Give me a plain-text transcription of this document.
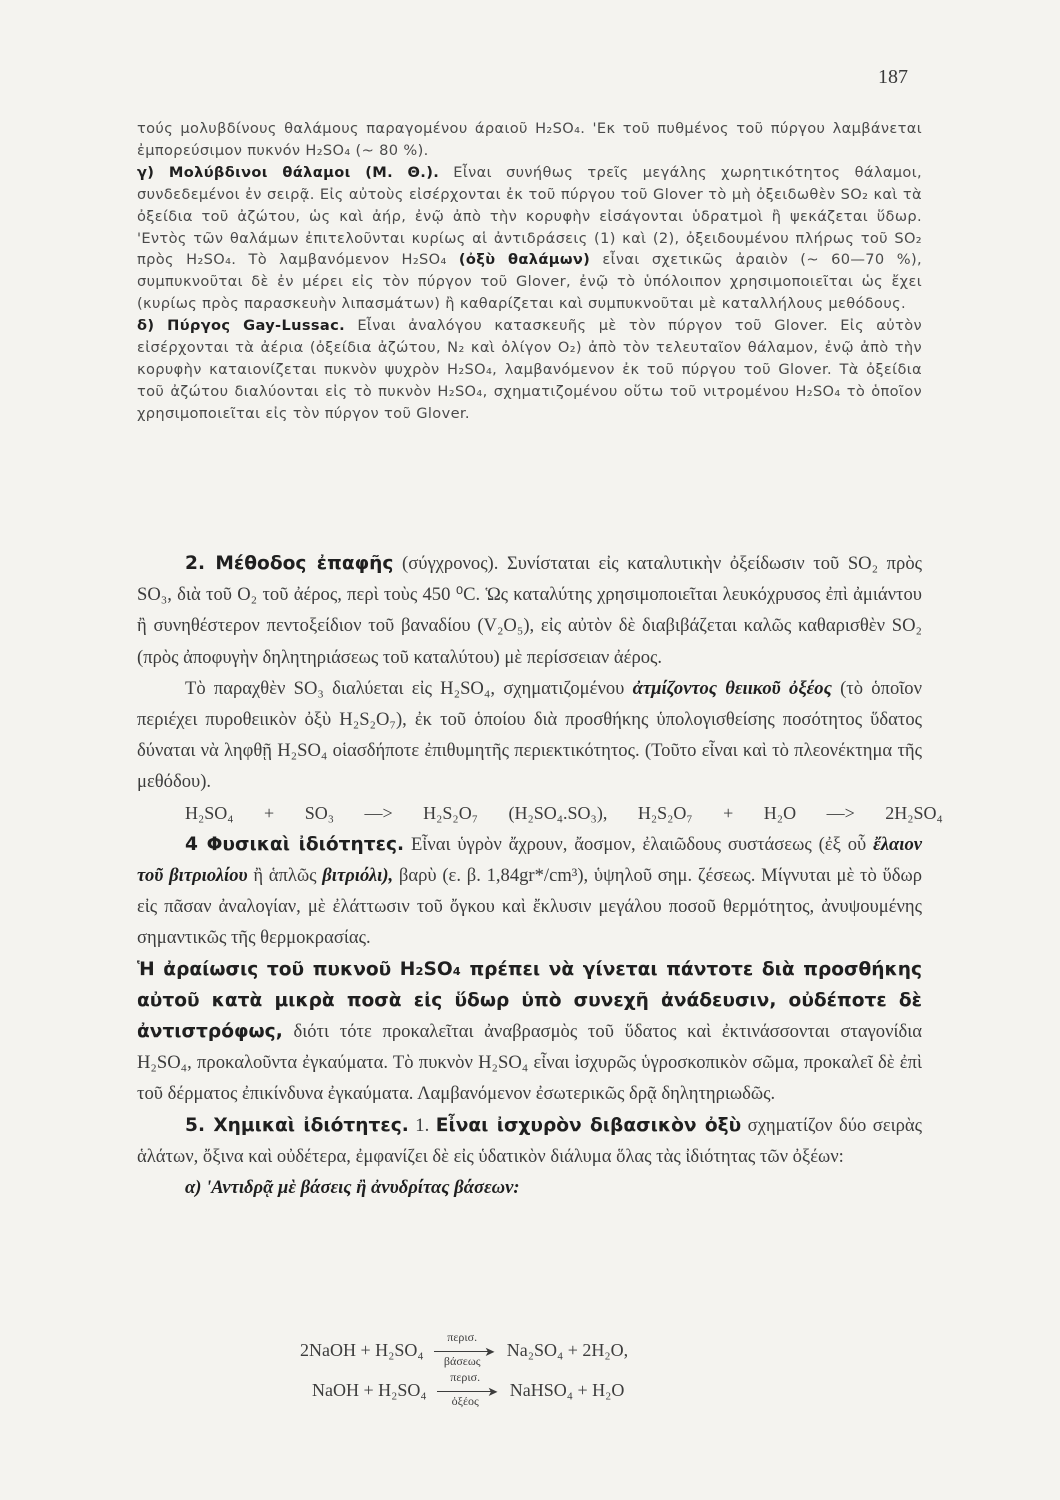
187

τούς μολυβδίνους θαλάμους παραγομένου άραιοῦ H₂SO₄. 'Εκ τοῦ πυθμένος τοῦ πύργου λαμβάνεται ἐμπορεύσιμον πυκνόν H₂SO₄ (~ 80 %).

γ) Μολύβδινοι θάλαμοι (Μ. Θ.). Εἶναι συνήθως τρεῖς μεγάλης χωρητικότητος θάλαμοι, συνδεδεμένοι ἐν σειρᾷ. Εἰς αὐτοὺς εἰσέρχονται ἐκ τοῦ πύργου τοῦ Glover τὸ μὴ ὀξειδωθὲν SO₂ καὶ τὰ ὀξείδια τοῦ ἀζώτου, ὡς καὶ ἀήρ, ἐνῷ ἀπὸ τὴν κορυφὴν εἰσάγονται ὑδρατμοὶ ἢ ψεκάζεται ὕδωρ. 'Εντὸς τῶν θαλάμων ἐπιτελοῦνται κυρίως αἱ ἀντιδράσεις (1) καὶ (2), ὀξειδουμένου πλήρως τοῦ SO₂ πρὸς H₂SO₄. Τὸ λαμβανόμενον H₂SO₄ (ὀξὺ θαλάμων) εἶναι σχετικῶς ἀραιὸν (~ 60—70 %), συμπυκνοῦται δὲ ἐν μέρει εἰς τὸν πύργον τοῦ Glover, ἐνῷ τὸ ὑπόλοιπον χρησιμοποιεῖται ὡς ἔχει (κυρίως πρὸς παρασκευὴν λιπασμάτων) ἢ καθαρίζεται καὶ συμπυκνοῦται μὲ καταλλήλους μεθόδους.

δ) Πύργος Gay-Lussac. Εἶναι ἀναλόγου κατασκευῆς μὲ τὸν πύργον τοῦ Glover. Εἰς αὐτὸν εἰσέρχονται τὰ ἀέρια (ὀξείδια ἀζώτου, N₂ καὶ ὀλίγον O₂) ἀπὸ τὸν τελευταῖον θάλαμον, ἐνῷ ἀπὸ τὴν κορυφὴν καταιονίζεται πυκνὸν ψυχρὸν H₂SO₄, λαμβανόμενον ἐκ τοῦ πύργου τοῦ Glover. Τὰ ὀξείδια τοῦ ἀζώτου διαλύονται εἰς τὸ πυκνὸν H₂SO₄, σχηματιζομένου οὕτω τοῦ νιτρομένου H₂SO₄ τὸ ὁποῖον χρησιμοποιεῖται εἰς τὸν πύργον τοῦ Glover.

2. Μέθοδος ἐπαφῆς (σύγχρονος). Συνίσταται εἰς καταλυτικὴν ὀξείδωσιν τοῦ SO₂ πρὸς SO₃, διὰ τοῦ O₂ τοῦ ἀέρος, περὶ τοὺς 450 ⁰C. Ὡς καταλύτης χρησιμοποιεῖται λευκόχρυσος ἐπὶ ἀμιάντου ἢ συνηθέστερον πεντοξείδιον τοῦ βαναδίου (V₂O₅), εἰς αὐτὸν δὲ διαβιβάζεται καλῶς καθαρισθὲν SO₂ (πρὸς ἀποφυγὴν δηλητηριάσεως τοῦ καταλύτου) μὲ περίσσειαν ἀέρος.

Τὸ παραχθὲν SO₃ διαλύεται εἰς H₂SO₄, σχηματιζομένου ἀτμίζοντος θειικοῦ ὀξέος (τὸ ὁποῖον περιέχει πυροθειικὸν ὀξὺ H₂S₂O₇), ἐκ τοῦ ὁποίου διὰ προσθήκης ὑπολογισθείσης ποσότητος ὕδατος δύναται νὰ ληφθῇ H₂SO₄ οἱασδήποτε ἐπιθυμητῆς περιεκτικότητος. (Τοῦτο εἶναι καὶ τὸ πλεονέκτημα τῆς μεθόδου).

H₂SO₄ + SO₃ —> H₂S₂O₇ (H₂SO₄.SO₃), H₂S₂O₇ + H₂O —> 2H₂SO₄

4 Φυσικαὶ ἰδιότητες. Εἶναι ὑγρὸν ἄχρουν, ἄοσμον, ἐλαιῶδους συστάσεως (ἐξ οὗ ἔλαιον τοῦ βιτριολίου ἢ ἁπλῶς βιτριόλι), βαρὺ (ε. β. 1,84gr*/cm³), ὑψηλοῦ σημ. ζέσεως. Μίγνυται μὲ τὸ ὕδωρ εἰς πᾶσαν ἀναλογίαν, μὲ ἐλάττωσιν τοῦ ὄγκου καὶ ἔκλυσιν μεγάλου ποσοῦ θερμότητος, ἀνυψουμένης σημαντικῶς τῆς θερμοκρασίας.

Ἡ ἀραίωσις τοῦ πυκνοῦ H₂SO₄ πρέπει νὰ γίνεται πάντοτε διὰ προσθήκης αὐτοῦ κατὰ μικρὰ ποσὰ εἰς ὕδωρ ὑπὸ συνεχῆ ἀνάδευσιν, οὐδέποτε δὲ ἀντιστρόφως, διότι τότε προκαλεῖται ἀναβρασμὸς τοῦ ὕδατος καὶ ἐκτινάσσονται σταγονίδια H₂SO₄, προκαλοῦντα ἐγκαύματα. Τὸ πυκνὸν H₂SO₄ εἶναι ἰσχυρῶς ὑγροσκοπικὸν σῶμα, προκαλεῖ δὲ ἐπὶ τοῦ δέρματος ἐπικίνδυνα ἐγκαύματα. Λαμβανόμενον ἐσωτερικῶς δρᾷ δηλητηριωδῶς.

5. Χημικαὶ ἰδιότητες. 1. Εἶναι ἰσχυρὸν διβασικὸν ὀξὺ σχηματίζον δύο σειρὰς ἁλάτων, ὄξινα καὶ οὐδέτερα, ἐμφανίζει δὲ εἰς ὑδατικὸν διάλυμα ὅλας τὰς ἰδιότητας τῶν ὀξέων:

α) 'Αντιδρᾷ μὲ βάσεις ἢ ἀνυδρίτας βάσεων:

2NaOH + H₂SO₄
περισ.
➤
βάσεως
Na₂SO₄ + 2H₂O,
NaOH + H₂SO₄
περισ.
➤
ὀξέος
NaHSO₄ + H₂O
